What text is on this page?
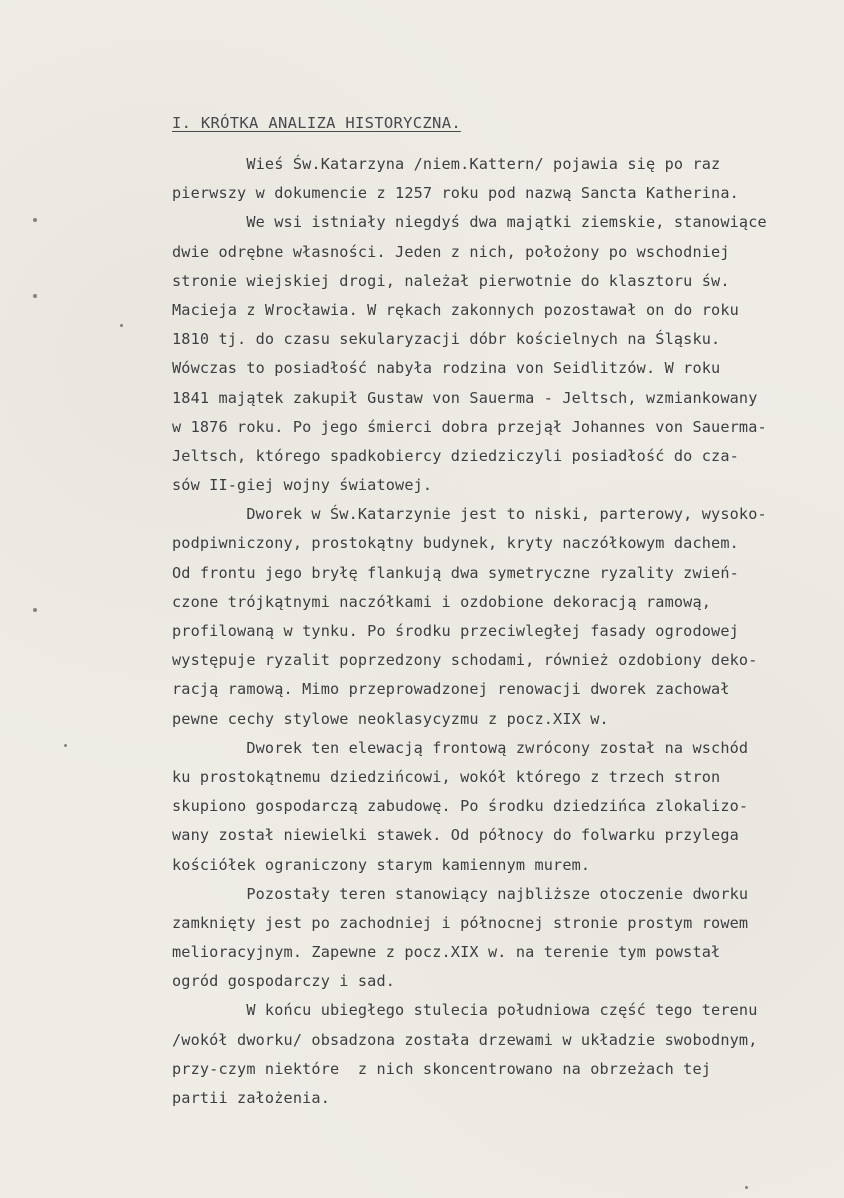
I. KRÓTKA ANALIZA HISTORYCZNA.
Wieś Św.Katarzyna /niem.Kattern/ pojawia się po raz
pierwszy w dokumencie z 1257 roku pod nazwą Sancta Katherina.
We wsi istniały niegdyś dwa majątki ziemskie, stanowiące
dwie odrębne własności. Jeden z nich, położony po wschodniej
stronie wiejskiej drogi, należał pierwotnie do klasztoru św.
Macieja z Wrocławia. W rękach zakonnych pozostawał on do roku
1810 tj. do czasu sekularyzacji dóbr kościelnych na Śląsku.
Wówczas to posiadłość nabyła rodzina von Seidlitzów. W roku
1841 majątek zakupił Gustaw von Sauerma - Jeltsch, wzmiankowany
w 1876 roku. Po jego śmierci dobra przejął Johannes von Sauerma-
Jeltsch, którego spadkobiercy dziedziczyli posiadłość do cza-
sów II-giej wojny światowej.
Dworek w Św.Katarzynie jest to niski, parterowy, wysoko-
podpiwniczony, prostokątny budynek, kryty naczółkowym dachem.
Od frontu jego bryłę flankują dwa symetryczne ryzality zwień-
czone trójkątnymi naczółkami i ozdobione dekoracją ramową,
profilowaną w tynku. Po środku przeciwległej fasady ogrodowej
występuje ryzalit poprzedzony schodami, również ozdobiony deko-
racją ramową. Mimo przeprowadzonej renowacji dworek zachował
pewne cechy stylowe neoklasycyzmu z pocz.XIX w.
Dworek ten elewacją frontową zwrócony został na wschód
ku prostokątnemu dziedzińcowi, wokół którego z trzech stron
skupiono gospodarczą zabudowę. Po środku dziedzińca zlokalizo-
wany został niewielki stawek. Od północy do folwarku przylega
kościółek ograniczony starym kamiennym murem.
Pozostały teren stanowiący najbliższe otoczenie dworku
zamknięty jest po zachodniej i północnej stronie prostym rowem
melioracyjnym. Zapewne z pocz.XIX w. na terenie tym powstał
ogród gospodarczy i sad.
W końcu ubiegłego stulecia południowa część tego terenu
/wokół dworku/ obsadzona została drzewami w układzie swobodnym,
przy-czym niektóre  z nich skoncentrowano na obrzeżach tej
partii założenia.
